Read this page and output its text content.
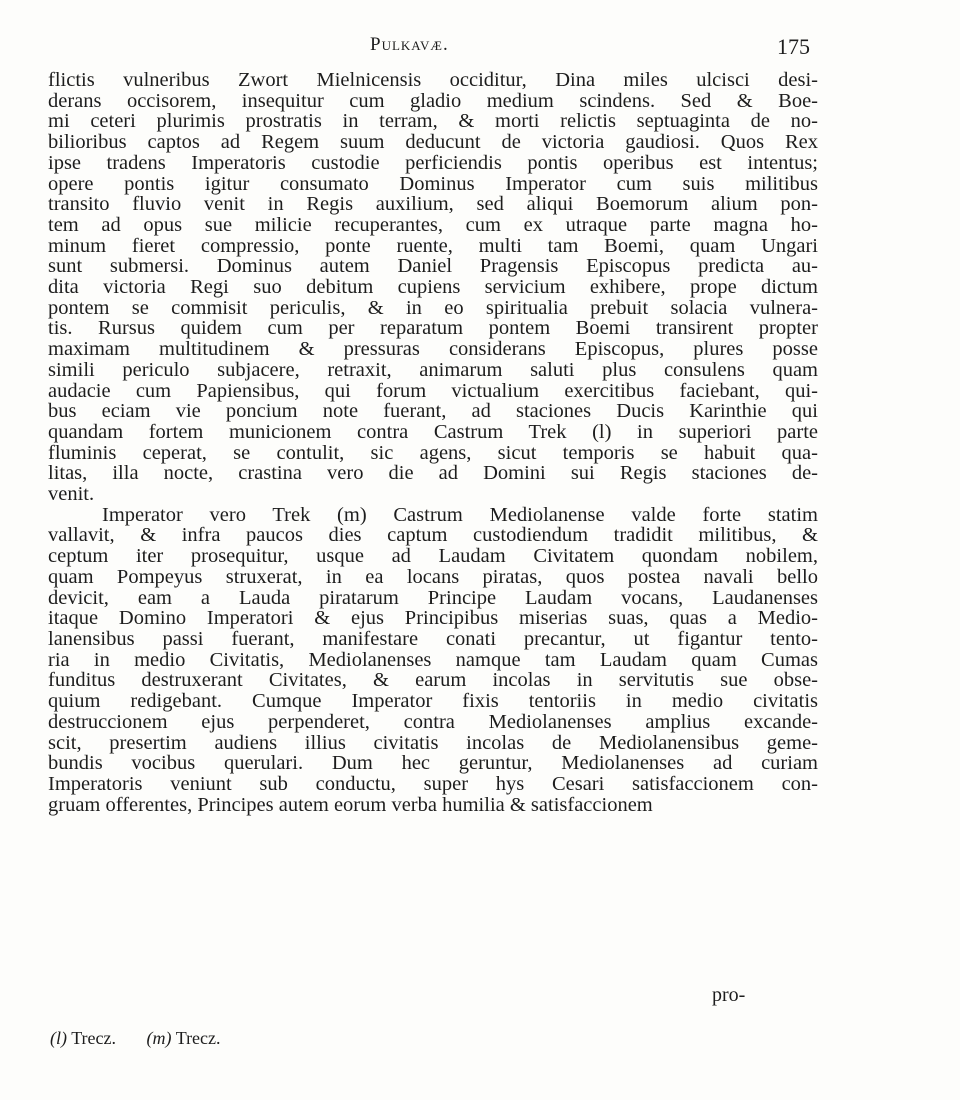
Pulkavæ.	175
flictis vulneribus Zwort Mielnicensis occiditur, Dina miles ulcisci desi-
derans occisorem, insequitur cum gladio medium scindens. Sed & Boe-
mi ceteri plurimis prostratis in terram, & morti relictis septuaginta de no-
bilioribus captos ad Regem suum deducunt de victoria gaudiosi. Quos Rex
ipse tradens Imperatoris custodie perficiendis pontis operibus est intentus;
opere pontis igitur consumato Dominus Imperator cum suis militibus
transito fluvio venit in Regis auxilium, sed aliqui Boemorum alium pon-
tem ad opus sue milicie recuperantes, cum ex utraque parte magna ho-
minum fieret compressio, ponte ruente, multi tam Boemi, quam Ungari
sunt submersi. Dominus autem Daniel Pragensis Episcopus predicta au-
dita victoria Regi suo debitum cupiens servicium exhibere, prope dictum
pontem se commisit periculis, & in eo spiritualia prebuit solacia vulnera-
tis. Rursus quidem cum per reparatum pontem Boemi transirent propter
maximam multitudinem & pressuras considerans Episcopus, plures posse
simili periculo subjacere, retraxit, animarum saluti plus consulens quam
audacie cum Papiensibus, qui forum victualium exercitibus faciebant, qui-
bus eciam vie poncium note fuerant, ad staciones Ducis Karinthie qui
quandam fortem municionem contra Castrum Trek (l) in superiori parte
fluminis ceperat, se contulit, sic agens, sicut temporis se habuit qua-
litas, illa nocte, crastina vero die ad Domini sui Regis staciones de-
venit.
Imperator vero Trek (m) Castrum Mediolanense valde forte statim
vallavit, & infra paucos dies captum custodiendum tradidit militibus, &
ceptum iter prosequitur, usque ad Laudam Civitatem quondam nobilem,
quam Pompeyus struxerat, in ea locans piratas, quos postea navali bello
devicit, eam a Lauda piratarum Principe Laudam vocans, Laudanenses
itaque Domino Imperatori & ejus Principibus miserias suas, quas a Medio-
lanensibus passi fuerant, manifestare conati precantur, ut figantur tento-
ria in medio Civitatis, Mediolanenses namque tam Laudam quam Cumas
funditus destruxerant Civitates, & earum incolas in servitutis sue obse-
quium redigebant. Cumque Imperator fixis tentoriis in medio civitatis
destruccionem ejus perpenderet, contra Mediolanenses amplius excande-
scit, presertim audiens illius civitatis incolas de Mediolanensibus geme-
bundis vocibus querulari. Dum hec geruntur, Mediolanenses ad curiam
Imperatoris veniunt sub conductu, super hys Cesari satisfaccionem con-
gruam offerentes, Principes autem eorum verba humilia & satisfaccionem
pro-
(l) Trecz. (m) Trecz.
